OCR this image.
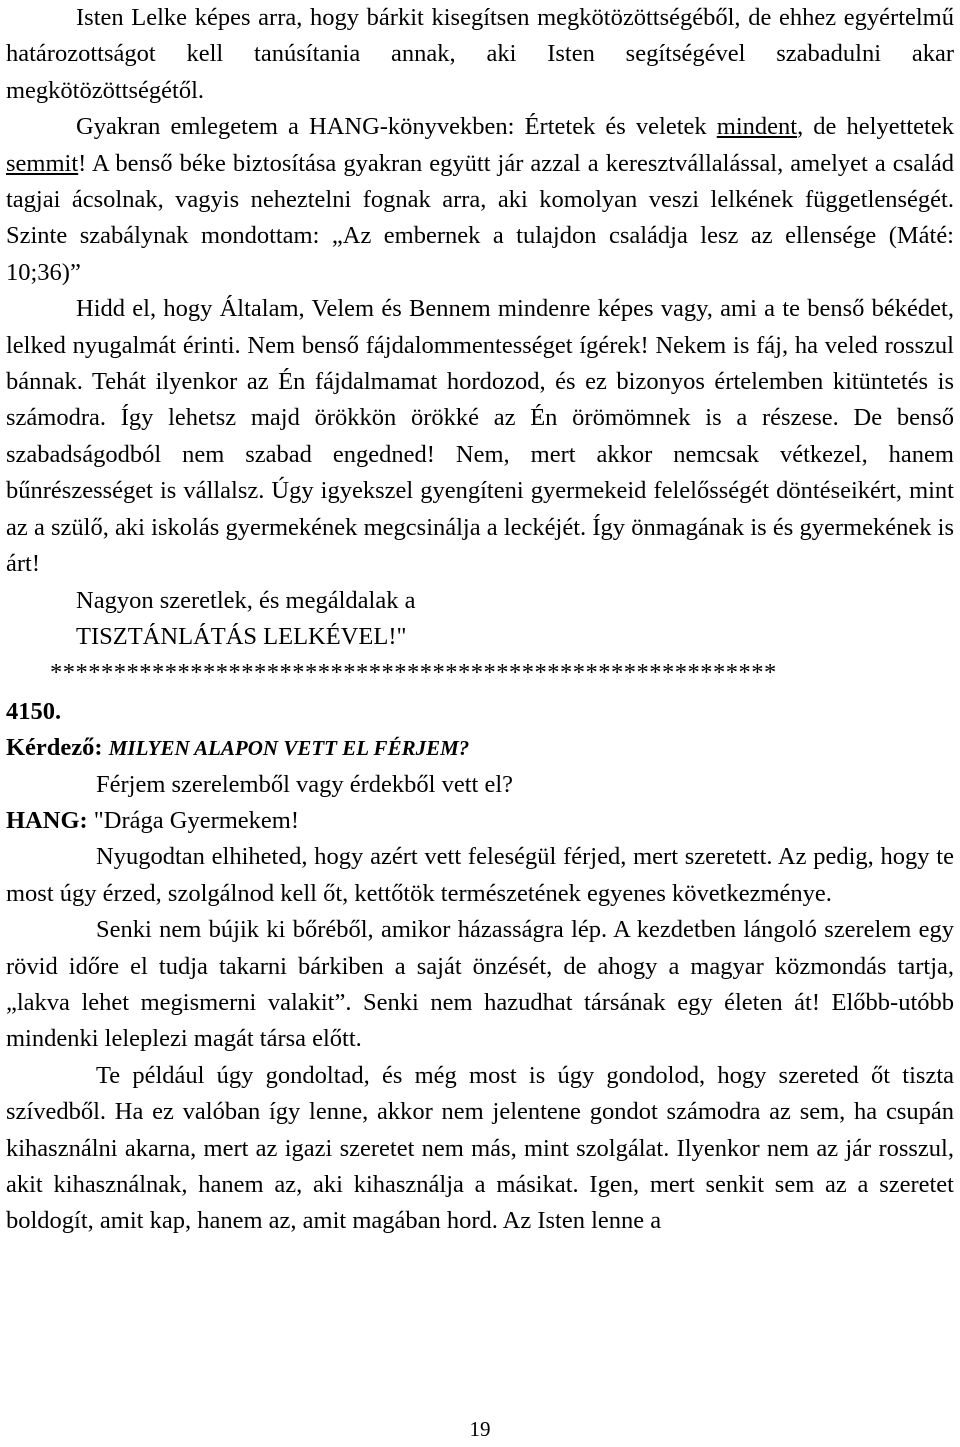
Isten Lelke képes arra, hogy bárkit kisegítsen megkötözöttségéből, de ehhez egyértelmű határozottságot kell tanúsítania annak, aki Isten segítségével szabadulni akar megkötözöttségétől.

Gyakran emlegetem a HANG-könyvekben: Értetek és veletek mindent, de helyettetek semmit! A benső béke biztosítása gyakran együtt jár azzal a keresztvállalással, amelyet a család tagjai ácsolnak, vagyis neheztelni fognak arra, aki komolyan veszi lelkének függetlenségét. Szinte szabálynak mondottam: „Az embernek a tulajdon családja lesz az ellensége (Máté: 10;36)”

Hidd el, hogy Általam, Velem és Bennem mindenre képes vagy, ami a te benső békédet, lelked nyugalmát érinti. Nem benső fájdalommentességet ígérek! Nekem is fáj, ha veled rosszul bánnak. Tehát ilyenkor az Én fájdalmamat hordozod, és ez bizonyos értelemben kitüntetés is számodra. Így lehetsz majd örökkön örökké az Én örömömnek is a részese. De benső szabadságodból nem szabad engedned! Nem, mert akkor nemcsak vétkezel, hanem bűnrészességet is vállalsz. Úgy igyekszel gyengíteni gyermekeid felelősségét döntéseikért, mint az a szülő, aki iskolás gyermekének megcsinálja a leckéjét. Így önmagának is és gyermekének is árt!

Nagyon szeretlek, és megáldalak a

TISZTÁNLÁTÁS LELKÉVEL!"

*********************************************************

4150.

Kérdező: MILYEN ALAPON VETT EL FÉRJEM?

Férjem szerelemből vagy érdekből vett el?

HANG: "Drága Gyermekem!

Nyugodtan elhiheted, hogy azért vett feleségül férjed, mert szeretett. Az pedig, hogy te most úgy érzed, szolgálnod kell őt, kettőtök természetének egyenes következménye.

Senki nem bújik ki bőréből, amikor házasságra lép. A kezdetben lángoló szerelem egy rövid időre el tudja takarni bárkiben a saját önzését, de ahogy a magyar közmondás tartja, „lakva lehet megismerni valakit”. Senki nem hazudhat társának egy életen át! Előbb-utóbb mindenki leleplezi magát társa előtt.

Te például úgy gondoltad, és még most is úgy gondolod, hogy szereted őt tiszta szívedből. Ha ez valóban így lenne, akkor nem jelentene gondot számodra az sem, ha csupán kihasználni akarna, mert az igazi szeretet nem más, mint szolgálat. Ilyenkor nem az jár rosszul, akit kihasználnak, hanem az, aki kihasználja a másikat. Igen, mert senkit sem az a szeretet boldogít, amit kap, hanem az, amit magában hord. Az Isten lenne a

19
